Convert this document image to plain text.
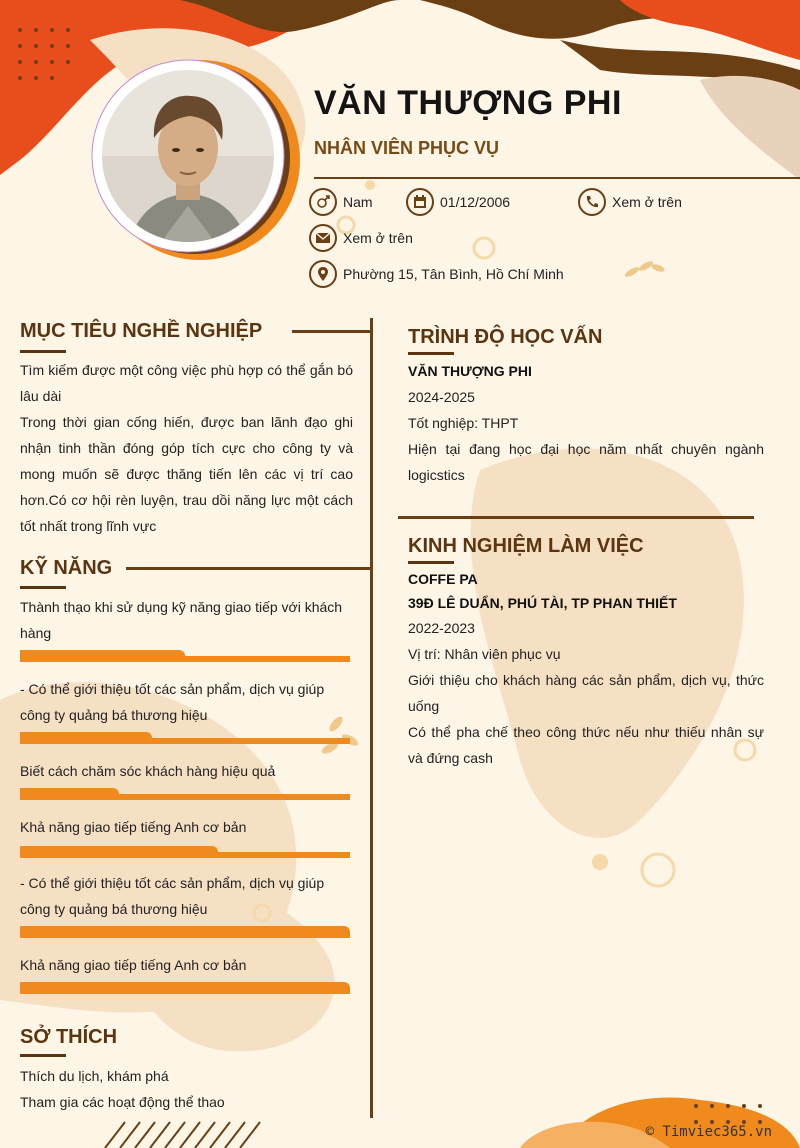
VĂN THƯỢNG PHI
NHÂN VIÊN PHỤC VỤ
Nam	01/12/2006	Xem ở trên
Xem ở trên
Phường 15, Tân Bình, Hồ Chí Minh
MỤC TIÊU NGHỀ NGHIỆP
Tìm kiếm được một công việc phù hợp có thể gắn bó lâu dài
Trong thời gian cống hiến, được ban lãnh đạo ghi nhận tinh thần đóng góp tích cực cho công ty và mong muốn sẽ được thăng tiến lên các vị trí cao hơn.Có cơ hội rèn luyện, trau dồi năng lực một cách tốt nhất trong lĩnh vực
KỸ NĂNG
Thành thạo khi sử dụng kỹ năng giao tiếp với khách hàng
- Có thể giới thiệu tốt các sản phẩm, dịch vụ giúp công ty quảng bá thương hiệu
Biết cách chăm sóc khách hàng hiệu quả
Khả năng giao tiếp tiếng Anh cơ bản
- Có thể giới thiệu tốt các sản phẩm, dịch vụ giúp công ty quảng bá thương hiệu
Khả năng giao tiếp tiếng Anh cơ bản
SỞ THÍCH
Thích du lịch, khám phá
Tham gia các hoạt động thể thao
TRÌNH ĐỘ HỌC VẤN
VĂN THƯỢNG PHI
2024-2025
Tốt nghiệp: THPT
Hiện tại đang học đại học năm nhất chuyên ngành logicstics
KINH NGHIỆM LÀM VIỆC
COFFE PA
39Đ LÊ DUẨN, PHÚ TÀI, TP PHAN THIẾT
2022-2023
Vị trí: Nhân viên phục vụ
Giới thiệu cho khách hàng các sản phẩm, dịch vụ, thức uống
Có thể pha chế theo công thức nếu như thiếu nhân sự và đứng cash
© Timviec365.vn
